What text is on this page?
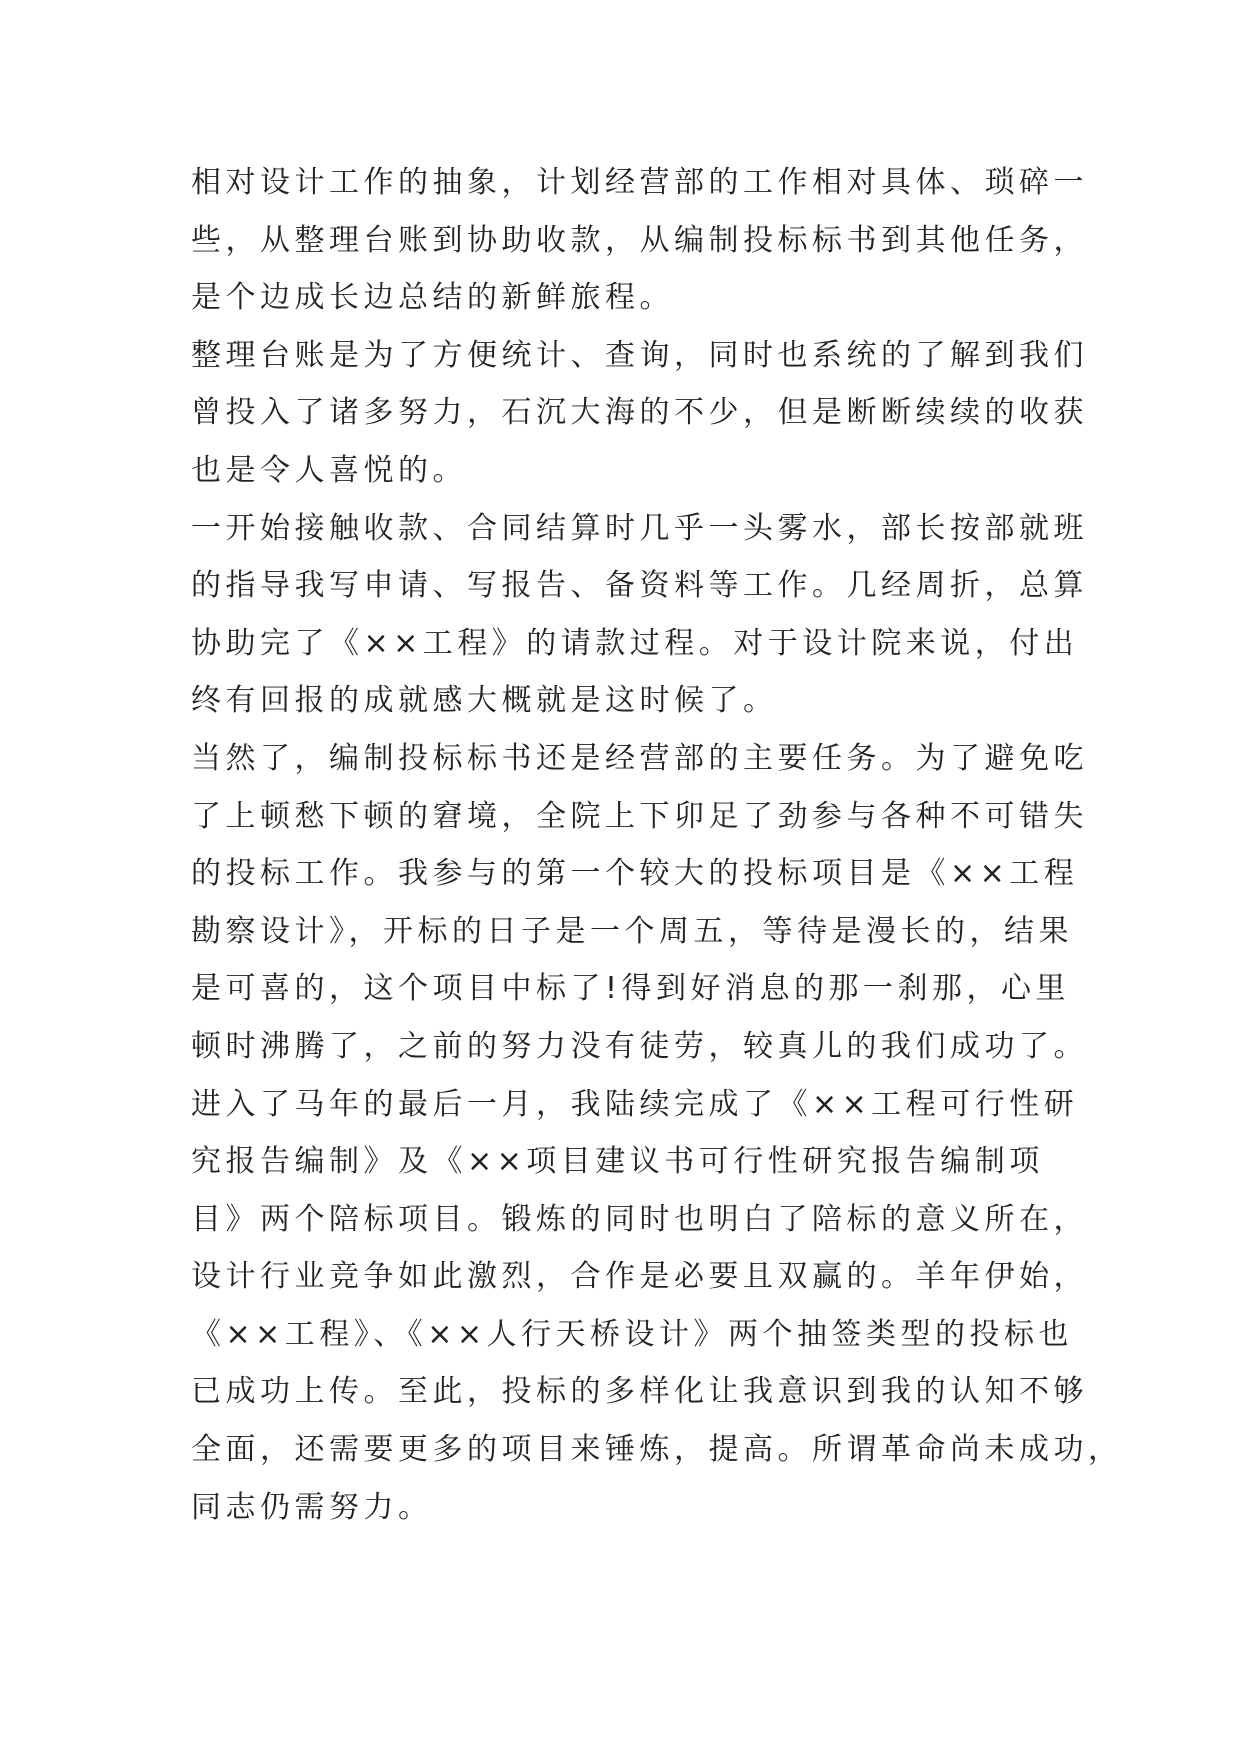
相对设计工作的抽象，计划经营部的工作相对具体、琐碎一
些，从整理台账到协助收款，从编制投标标书到其他任务，
是个边成长边总结的新鲜旅程。
整理台账是为了方便统计、查询，同时也系统的了解到我们
曾投入了诸多努力，石沉大海的不少，但是断断续续的收获
也是令人喜悦的。
一开始接触收款、合同结算时几乎一头雾水，部长按部就班
的指导我写申请、写报告、备资料等工作。几经周折，总算
协助完了《××工程》的请款过程。对于设计院来说，付出
终有回报的成就感大概就是这时候了。
当然了，编制投标标书还是经营部的主要任务。为了避免吃
了上顿愁下顿的窘境，全院上下卯足了劲参与各种不可错失
的投标工作。我参与的第一个较大的投标项目是《××工程
勘察设计》，开标的日子是一个周五，等待是漫长的，结果
是可喜的，这个项目中标了!得到好消息的那一刹那，心里
顿时沸腾了，之前的努力没有徒劳，较真儿的我们成功了。
进入了马年的最后一月，我陆续完成了《××工程可行性研
究报告编制》及《××项目建议书可行性研究报告编制项
目》两个陪标项目。锻炼的同时也明白了陪标的意义所在，
设计行业竞争如此激烈，合作是必要且双赢的。羊年伊始，
《××工程》、《××人行天桥设计》两个抽签类型的投标也
已成功上传。至此，投标的多样化让我意识到我的认知不够
全面，还需要更多的项目来锤炼，提高。所谓革命尚未成功，
同志仍需努力。
